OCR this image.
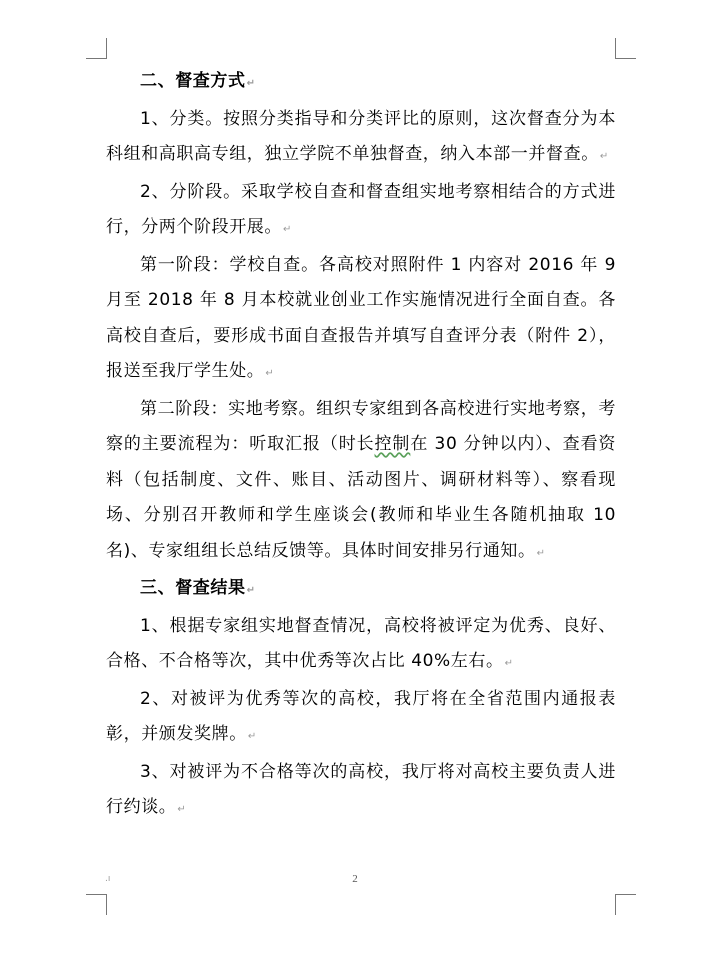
二、督查方式↵

1、分类。按照分类指导和分类评比的原则，这次督查分为本科组和高职高专组，独立学院不单独督查，纳入本部一并督查。↵

2、分阶段。采取学校自查和督查组实地考察相结合的方式进行，分两个阶段开展。↵

第一阶段：学校自查。各高校对照附件 1 内容对 2016 年 9 月至 2018 年 8 月本校就业创业工作实施情况进行全面自查。各高校自查后，要形成书面自查报告并填写自查评分表（附件 2），报送至我厅学生处。↵

第二阶段：实地考察。组织专家组到各高校进行实地考察，考察的主要流程为：听取汇报（时长控制在 30 分钟以内）、查看资料（包括制度、文件、账目、活动图片、调研材料等）、察看现场、分别召开教师和学生座谈会(教师和毕业生各随机抽取 10 名)、专家组组长总结反馈等。具体时间安排另行通知。↵

三、督查结果↵

1、根据专家组实地督查情况，高校将被评定为优秀、良好、合格、不合格等次，其中优秀等次占比 40%左右。↵

2、对被评为优秀等次的高校，我厅将在全省范围内通报表彰，并颁发奖牌。↵

3、对被评为不合格等次的高校，我厅将对高校主要负责人进行约谈。↵

.ı	2
